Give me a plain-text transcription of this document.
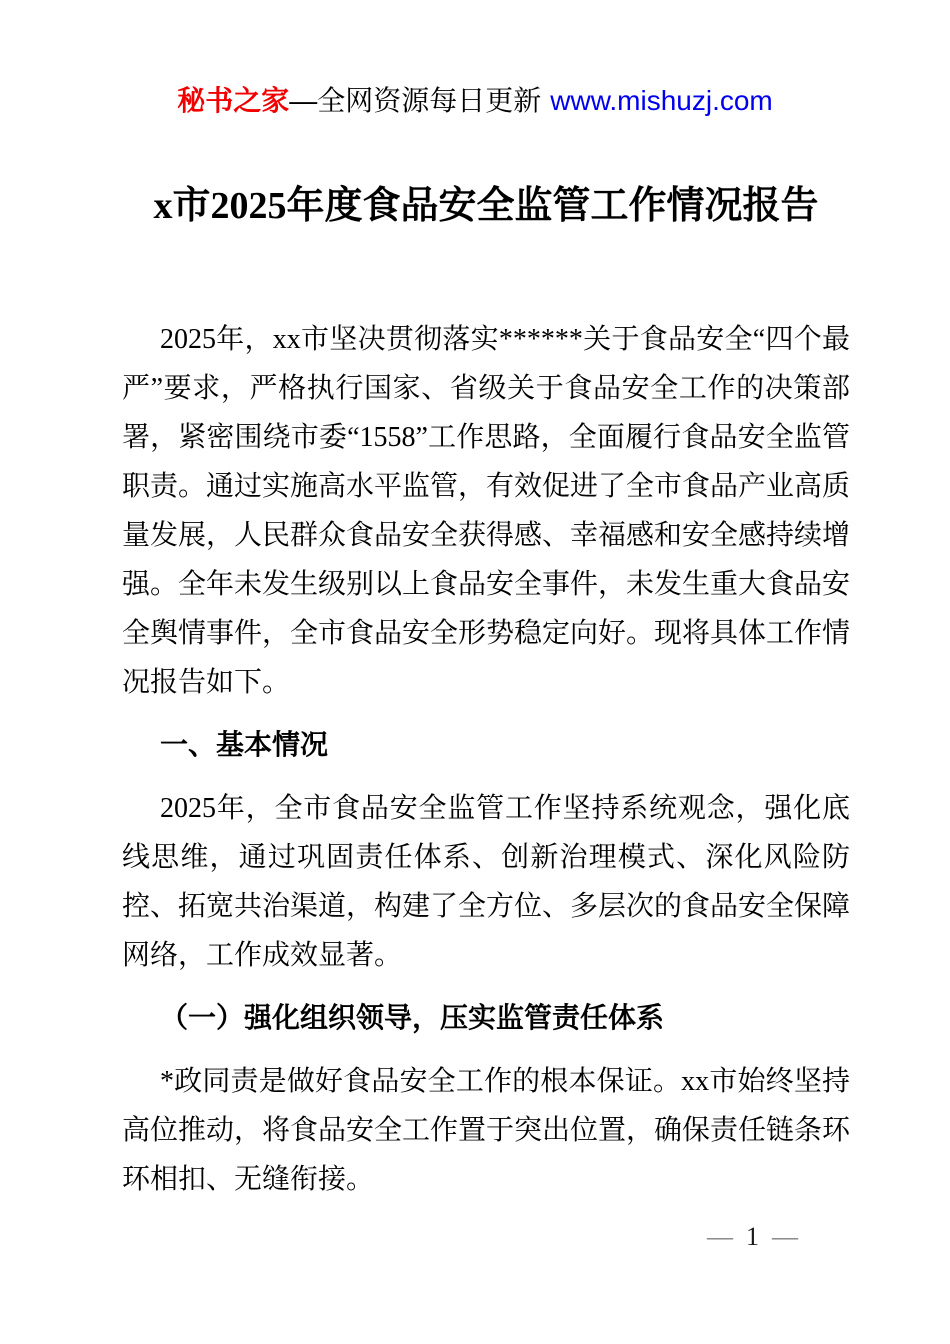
秘书之家—全网资源每日更新 www.mishuzj.com
x市2025年度食品安全监管工作情况报告

2025年，xx市坚决贯彻落实******关于食品安全“四个最严”要求，严格执行国家、省级关于食品安全工作的决策部署，紧密围绕市委“1558”工作思路，全面履行食品安全监管职责。通过实施高水平监管，有效促进了全市食品产业高质量发展，人民群众食品安全获得感、幸福感和安全感持续增强。全年未发生级别以上食品安全事件，未发生重大食品安全舆情事件，全市食品安全形势稳定向好。现将具体工作情况报告如下。

一、基本情况

2025年，全市食品安全监管工作坚持系统观念，强化底线思维，通过巩固责任体系、创新治理模式、深化风险防控、拓宽共治渠道，构建了全方位、多层次的食品安全保障网络，工作成效显著。

（一）强化组织领导，压实监管责任体系

*政同责是做好食品安全工作的根本保证。xx市始终坚持高位推动，将食品安全工作置于突出位置，确保责任链条环环相扣、无缝衔接。

— 1 —
